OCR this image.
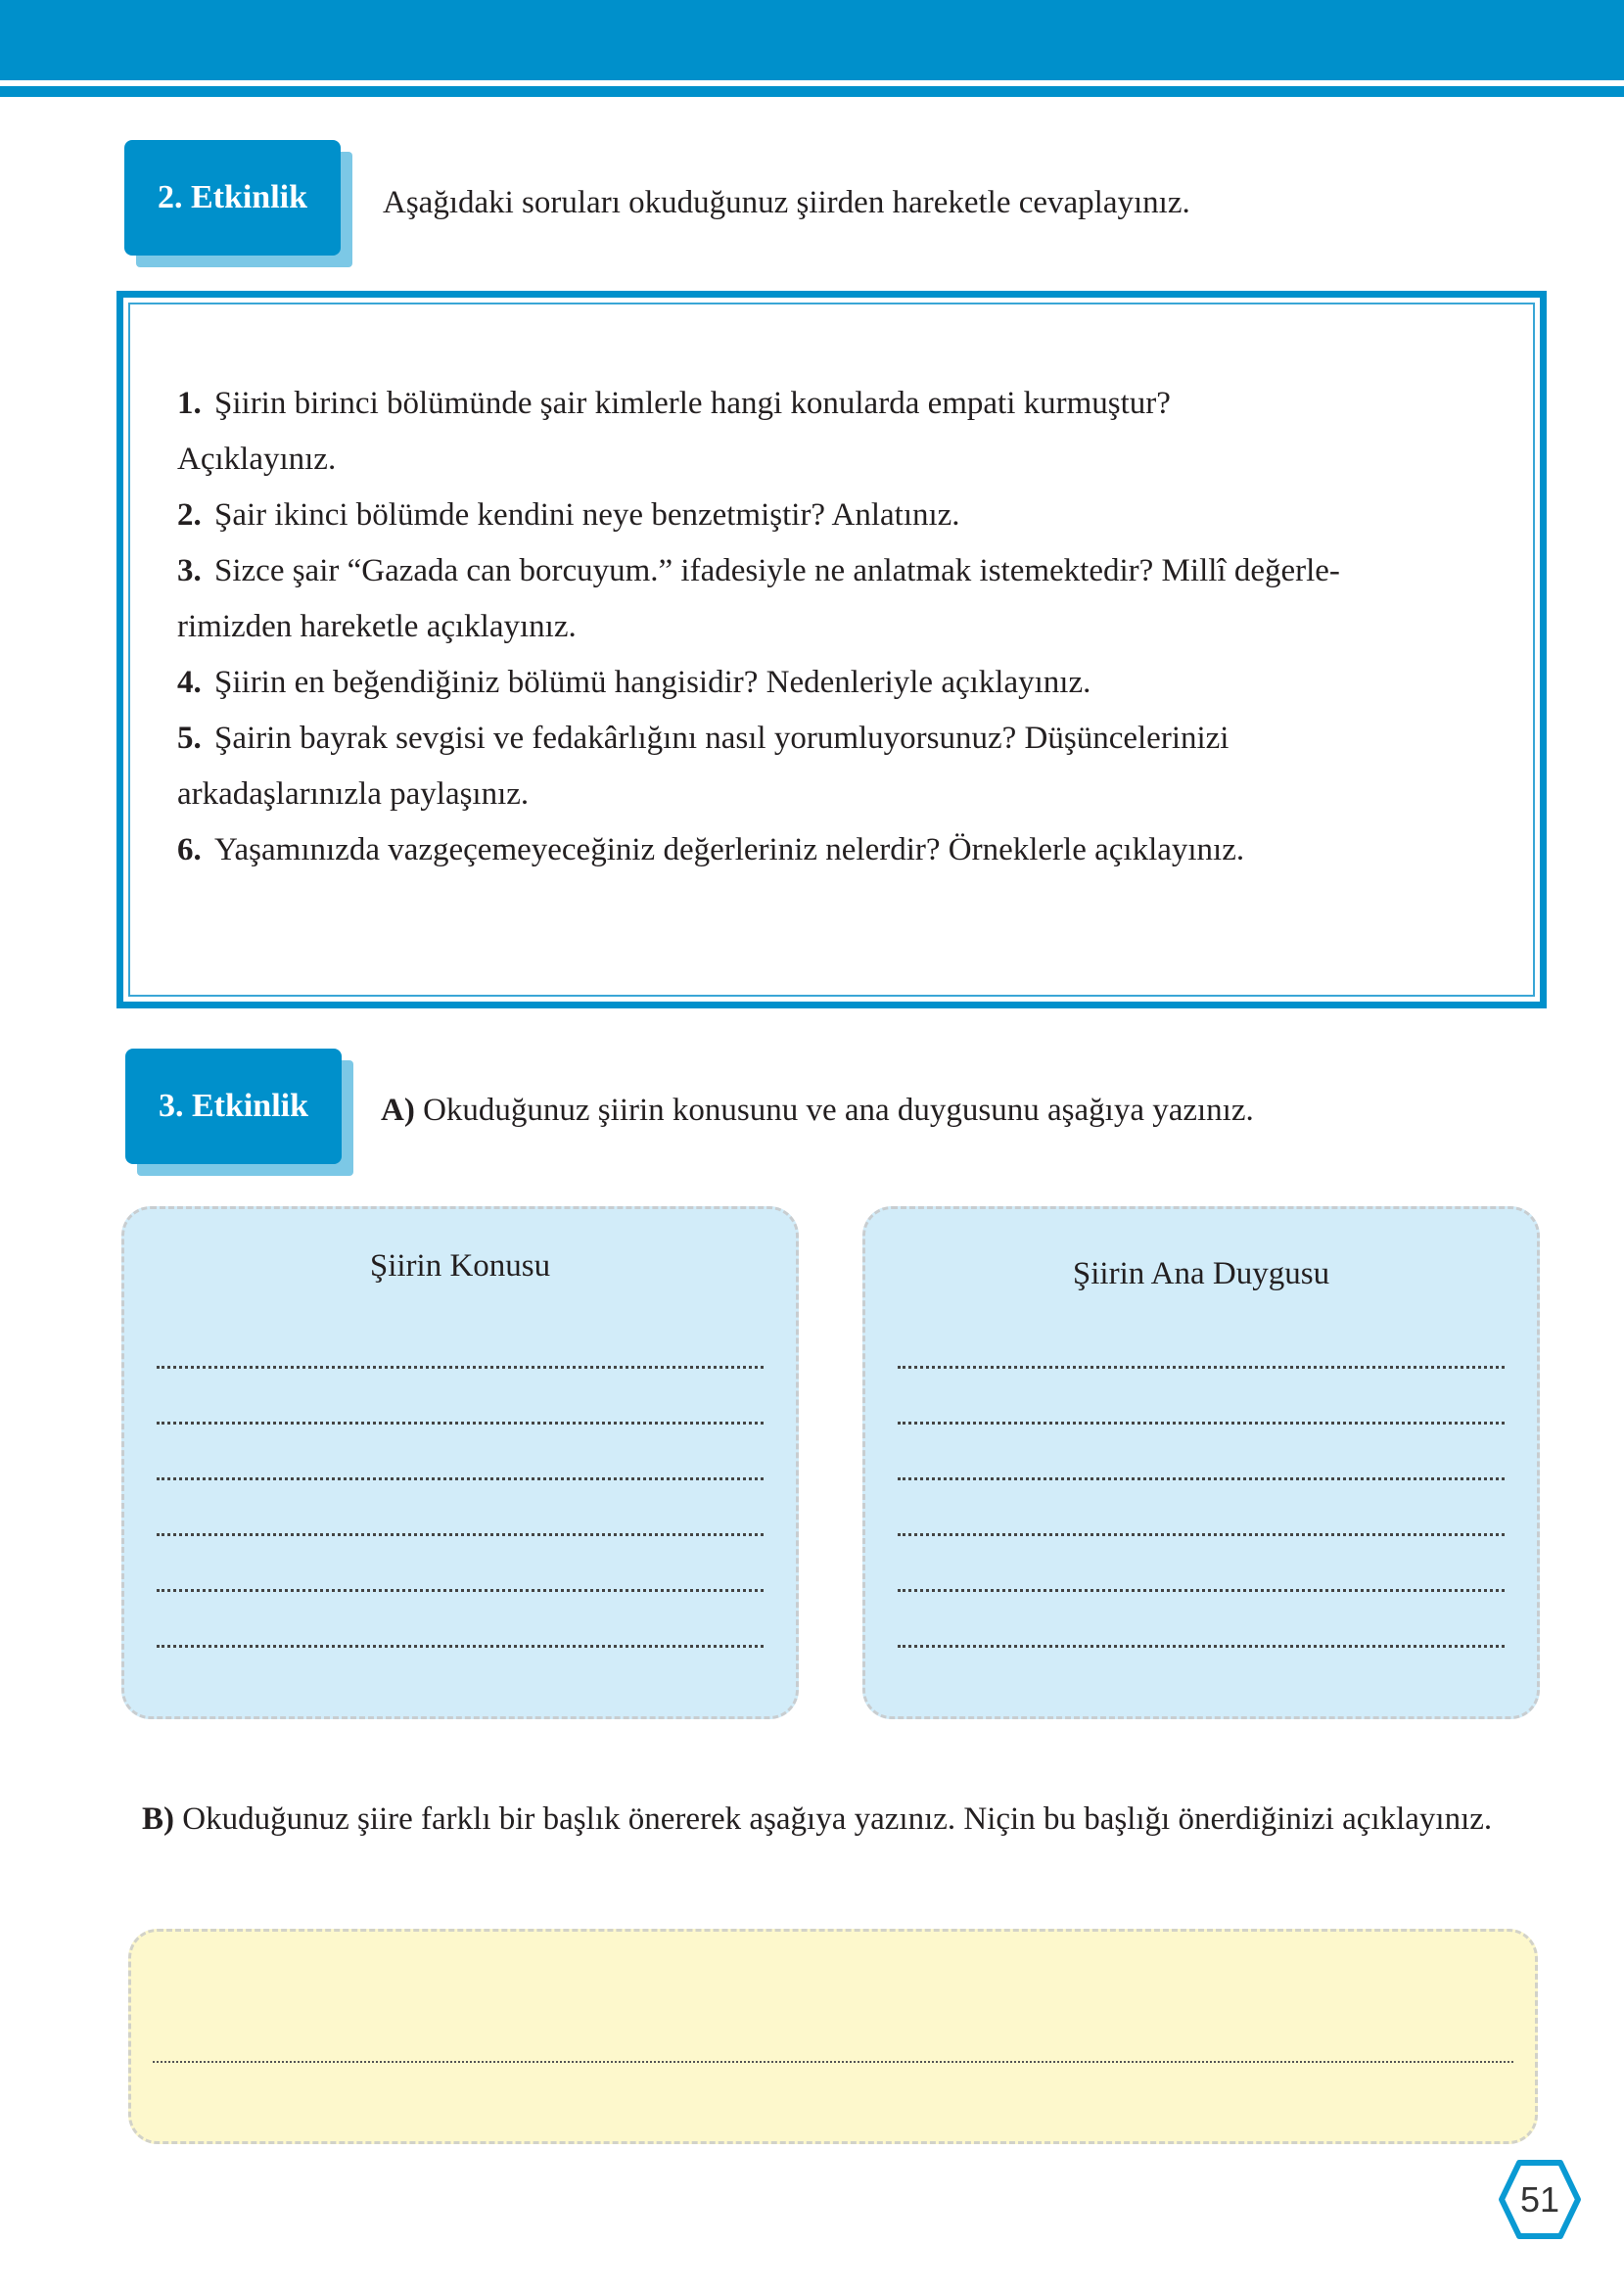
2. Etkinlik	Aşağıdaki soruları okuduğunuz şiirden hareketle cevaplayınız.
1. Şiirin birinci bölümünde şair kimlerle hangi konularda empati kurmuştur?
Açıklayınız.
2. Şair ikinci bölümde kendini neye benzetmiştir? Anlatınız.
3. Sizce şair “Gazada can borcuyum.” ifadesiyle ne anlatmak istemektedir? Millî değerle-
rimizden hareketle açıklayınız.
4. Şiirin en beğendiğiniz bölümü hangisidir? Nedenleriyle açıklayınız.
5. Şairin bayrak sevgisi ve fedakârlığını nasıl yorumluyorsunuz? Düşüncelerinizi
arkadaşlarınızla paylaşınız.
6. Yaşamınızda vazgeçemeyeceğiniz değerleriniz nelerdir? Örneklerle açıklayınız.
3. Etkinlik	A) Okuduğunuz şiirin konusunu ve ana duygusunu aşağıya yazınız.
Şiirin Konusu	Şiirin Ana Duygusu
B) Okuduğunuz şiire farklı bir başlık önererek aşağıya yazınız. Niçin bu başlığı önerdiğinizi açıklayınız.
51
